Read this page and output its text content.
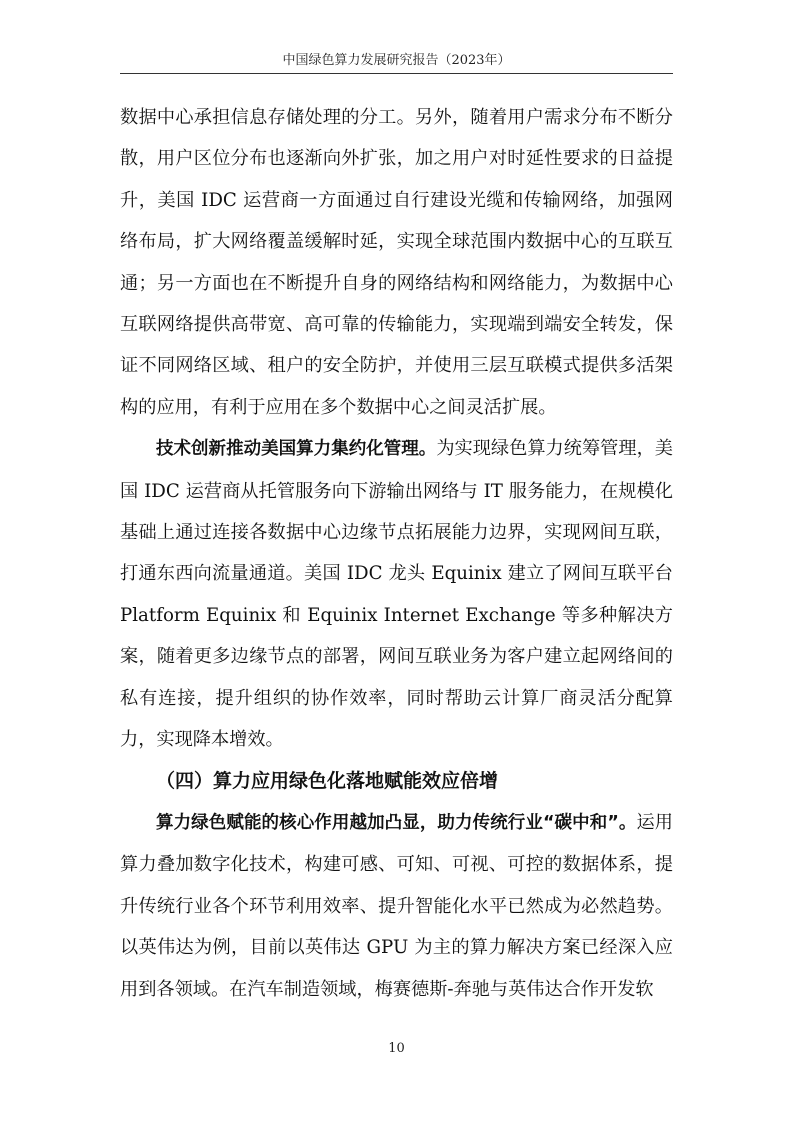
中国绿色算力发展研究报告（2023年）

数据中心承担信息存储处理的分工。另外，随着用户需求分布不断分散，用户区位分布也逐渐向外扩张，加之用户对时延性要求的日益提升，美国 IDC 运营商一方面通过自行建设光缆和传输网络，加强网络布局，扩大网络覆盖缓解时延，实现全球范围内数据中心的互联互通；另一方面也在不断提升自身的网络结构和网络能力，为数据中心互联网络提供高带宽、高可靠的传输能力，实现端到端安全转发，保证不同网络区域、租户的安全防护，并使用三层互联模式提供多活架构的应用，有利于应用在多个数据中心之间灵活扩展。

技术创新推动美国算力集约化管理。为实现绿色算力统筹管理，美国 IDC 运营商从托管服务向下游输出网络与 IT 服务能力，在规模化基础上通过连接各数据中心边缘节点拓展能力边界，实现网间互联，打通东西向流量通道。美国 IDC 龙头 Equinix 建立了网间互联平台 Platform Equinix 和 Equinix Internet Exchange 等多种解决方案，随着更多边缘节点的部署，网间互联业务为客户建立起网络间的私有连接，提升组织的协作效率，同时帮助云计算厂商灵活分配算力，实现降本增效。

（四）算力应用绿色化落地赋能效应倍增

算力绿色赋能的核心作用越加凸显，助力传统行业“碳中和”。运用算力叠加数字化技术，构建可感、可知、可视、可控的数据体系，提升传统行业各个环节利用效率、提升智能化水平已然成为必然趋势。以英伟达为例，目前以英伟达 GPU 为主的算力解决方案已经深入应用到各领域。在汽车制造领域，梅赛德斯-奔驰与英伟达合作开发软

10
